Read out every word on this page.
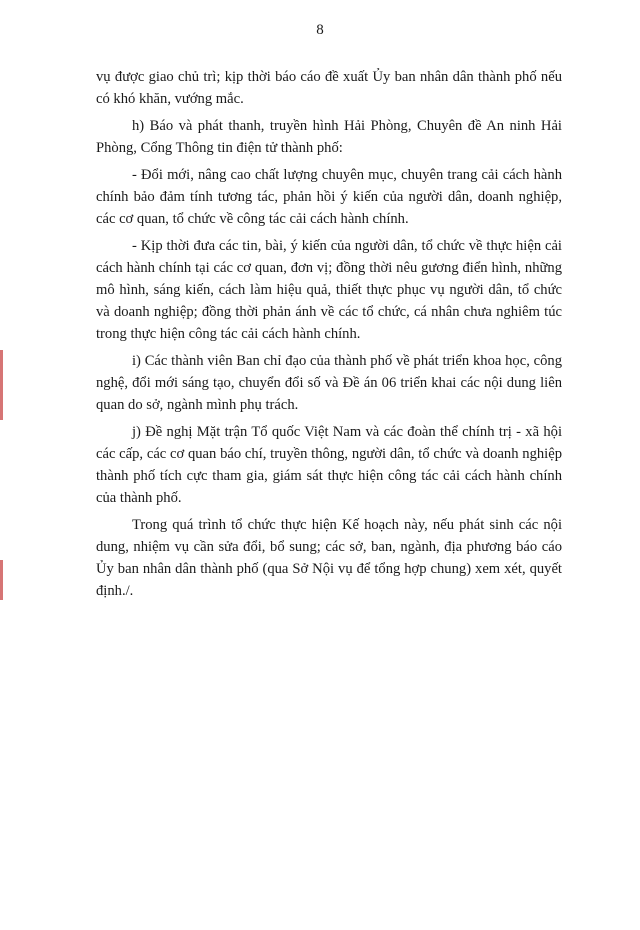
8

vụ được giao chủ trì; kịp thời báo cáo đề xuất Ủy ban nhân dân thành phố nếu có khó khăn, vướng mắc.

h) Báo và phát thanh, truyền hình Hải Phòng, Chuyên đề An ninh Hải Phòng, Cổng Thông tin điện tử thành phố:

- Đổi mới, nâng cao chất lượng chuyên mục, chuyên trang cải cách hành chính bảo đảm tính tương tác, phản hồi ý kiến của người dân, doanh nghiệp, các cơ quan, tổ chức về công tác cải cách hành chính.

- Kịp thời đưa các tin, bài, ý kiến của người dân, tổ chức về thực hiện cải cách hành chính tại các cơ quan, đơn vị; đồng thời nêu gương điển hình, những mô hình, sáng kiến, cách làm hiệu quả, thiết thực phục vụ người dân, tổ chức và doanh nghiệp; đồng thời phản ánh về các tổ chức, cá nhân chưa nghiêm túc trong thực hiện công tác cải cách hành chính.

i) Các thành viên Ban chỉ đạo của thành phố về phát triển khoa học, công nghệ, đổi mới sáng tạo, chuyển đổi số và Đề án 06 triển khai các nội dung liên quan do sở, ngành mình phụ trách.

j) Đề nghị Mặt trận Tổ quốc Việt Nam và các đoàn thể chính trị - xã hội các cấp, các cơ quan báo chí, truyền thông, người dân, tổ chức và doanh nghiệp thành phố tích cực tham gia, giám sát thực hiện công tác cải cách hành chính của thành phố.

Trong quá trình tổ chức thực hiện Kế hoạch này, nếu phát sinh các nội dung, nhiệm vụ cần sửa đổi, bổ sung; các sở, ban, ngành, địa phương báo cáo Ủy ban nhân dân thành phố (qua Sở Nội vụ để tổng hợp chung) xem xét, quyết định./.
